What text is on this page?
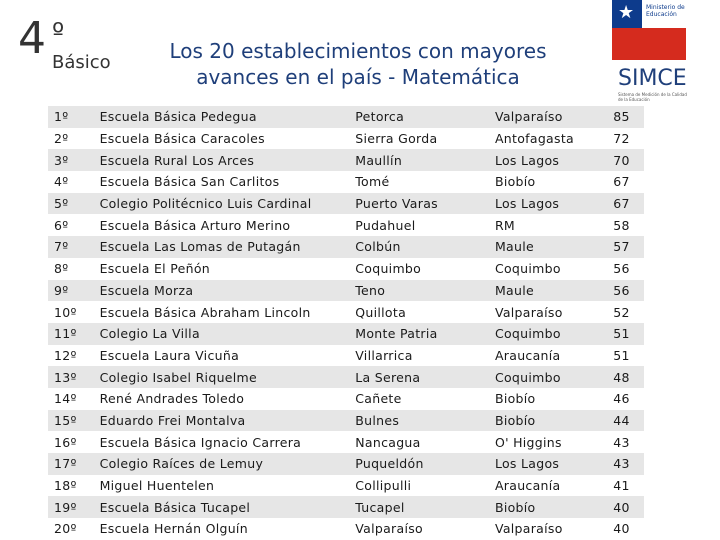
4 º
Básico	Los 20 establecimientos con mayores
avances en el país - Matemática
★ Ministerio de Educación
SIMCE
Sistema de Medición de la Calidad de la Educación
1º	Escuela Básica Pedegua	Petorca	Valparaíso	85
2º	Escuela Básica Caracoles	Sierra Gorda	Antofagasta	72
3º	Escuela Rural Los Arces	Maullín	Los Lagos	70
4º	Escuela Básica San Carlitos	Tomé	Biobío	67
5º	Colegio Politécnico Luis Cardinal	Puerto Varas	Los Lagos	67
6º	Escuela Básica Arturo Merino	Pudahuel	RM	58
7º	Escuela Las Lomas de Putagán	Colbún	Maule	57
8º	Escuela El Peñón	Coquimbo	Coquimbo	56
9º	Escuela Morza	Teno	Maule	56
10º	Escuela Básica Abraham Lincoln	Quillota	Valparaíso	52
11º	Colegio La Villa	Monte Patria	Coquimbo	51
12º	Escuela Laura Vicuña	Villarrica	Araucanía	51
13º	Colegio Isabel Riquelme	La Serena	Coquimbo	48
14º	René Andrades Toledo	Cañete	Biobío	46
15º	Eduardo Frei Montalva	Bulnes	Biobío	44
16º	Escuela Básica Ignacio Carrera	Nancagua	O' Higgins	43
17º	Colegio Raíces de Lemuy	Puqueldón	Los Lagos	43
18º	Miguel Huentelen	Collipulli	Araucanía	41
19º	Escuela Básica Tucapel	Tucapel	Biobío	40
20º	Escuela Hernán Olguín	Valparaíso	Valparaíso	40
